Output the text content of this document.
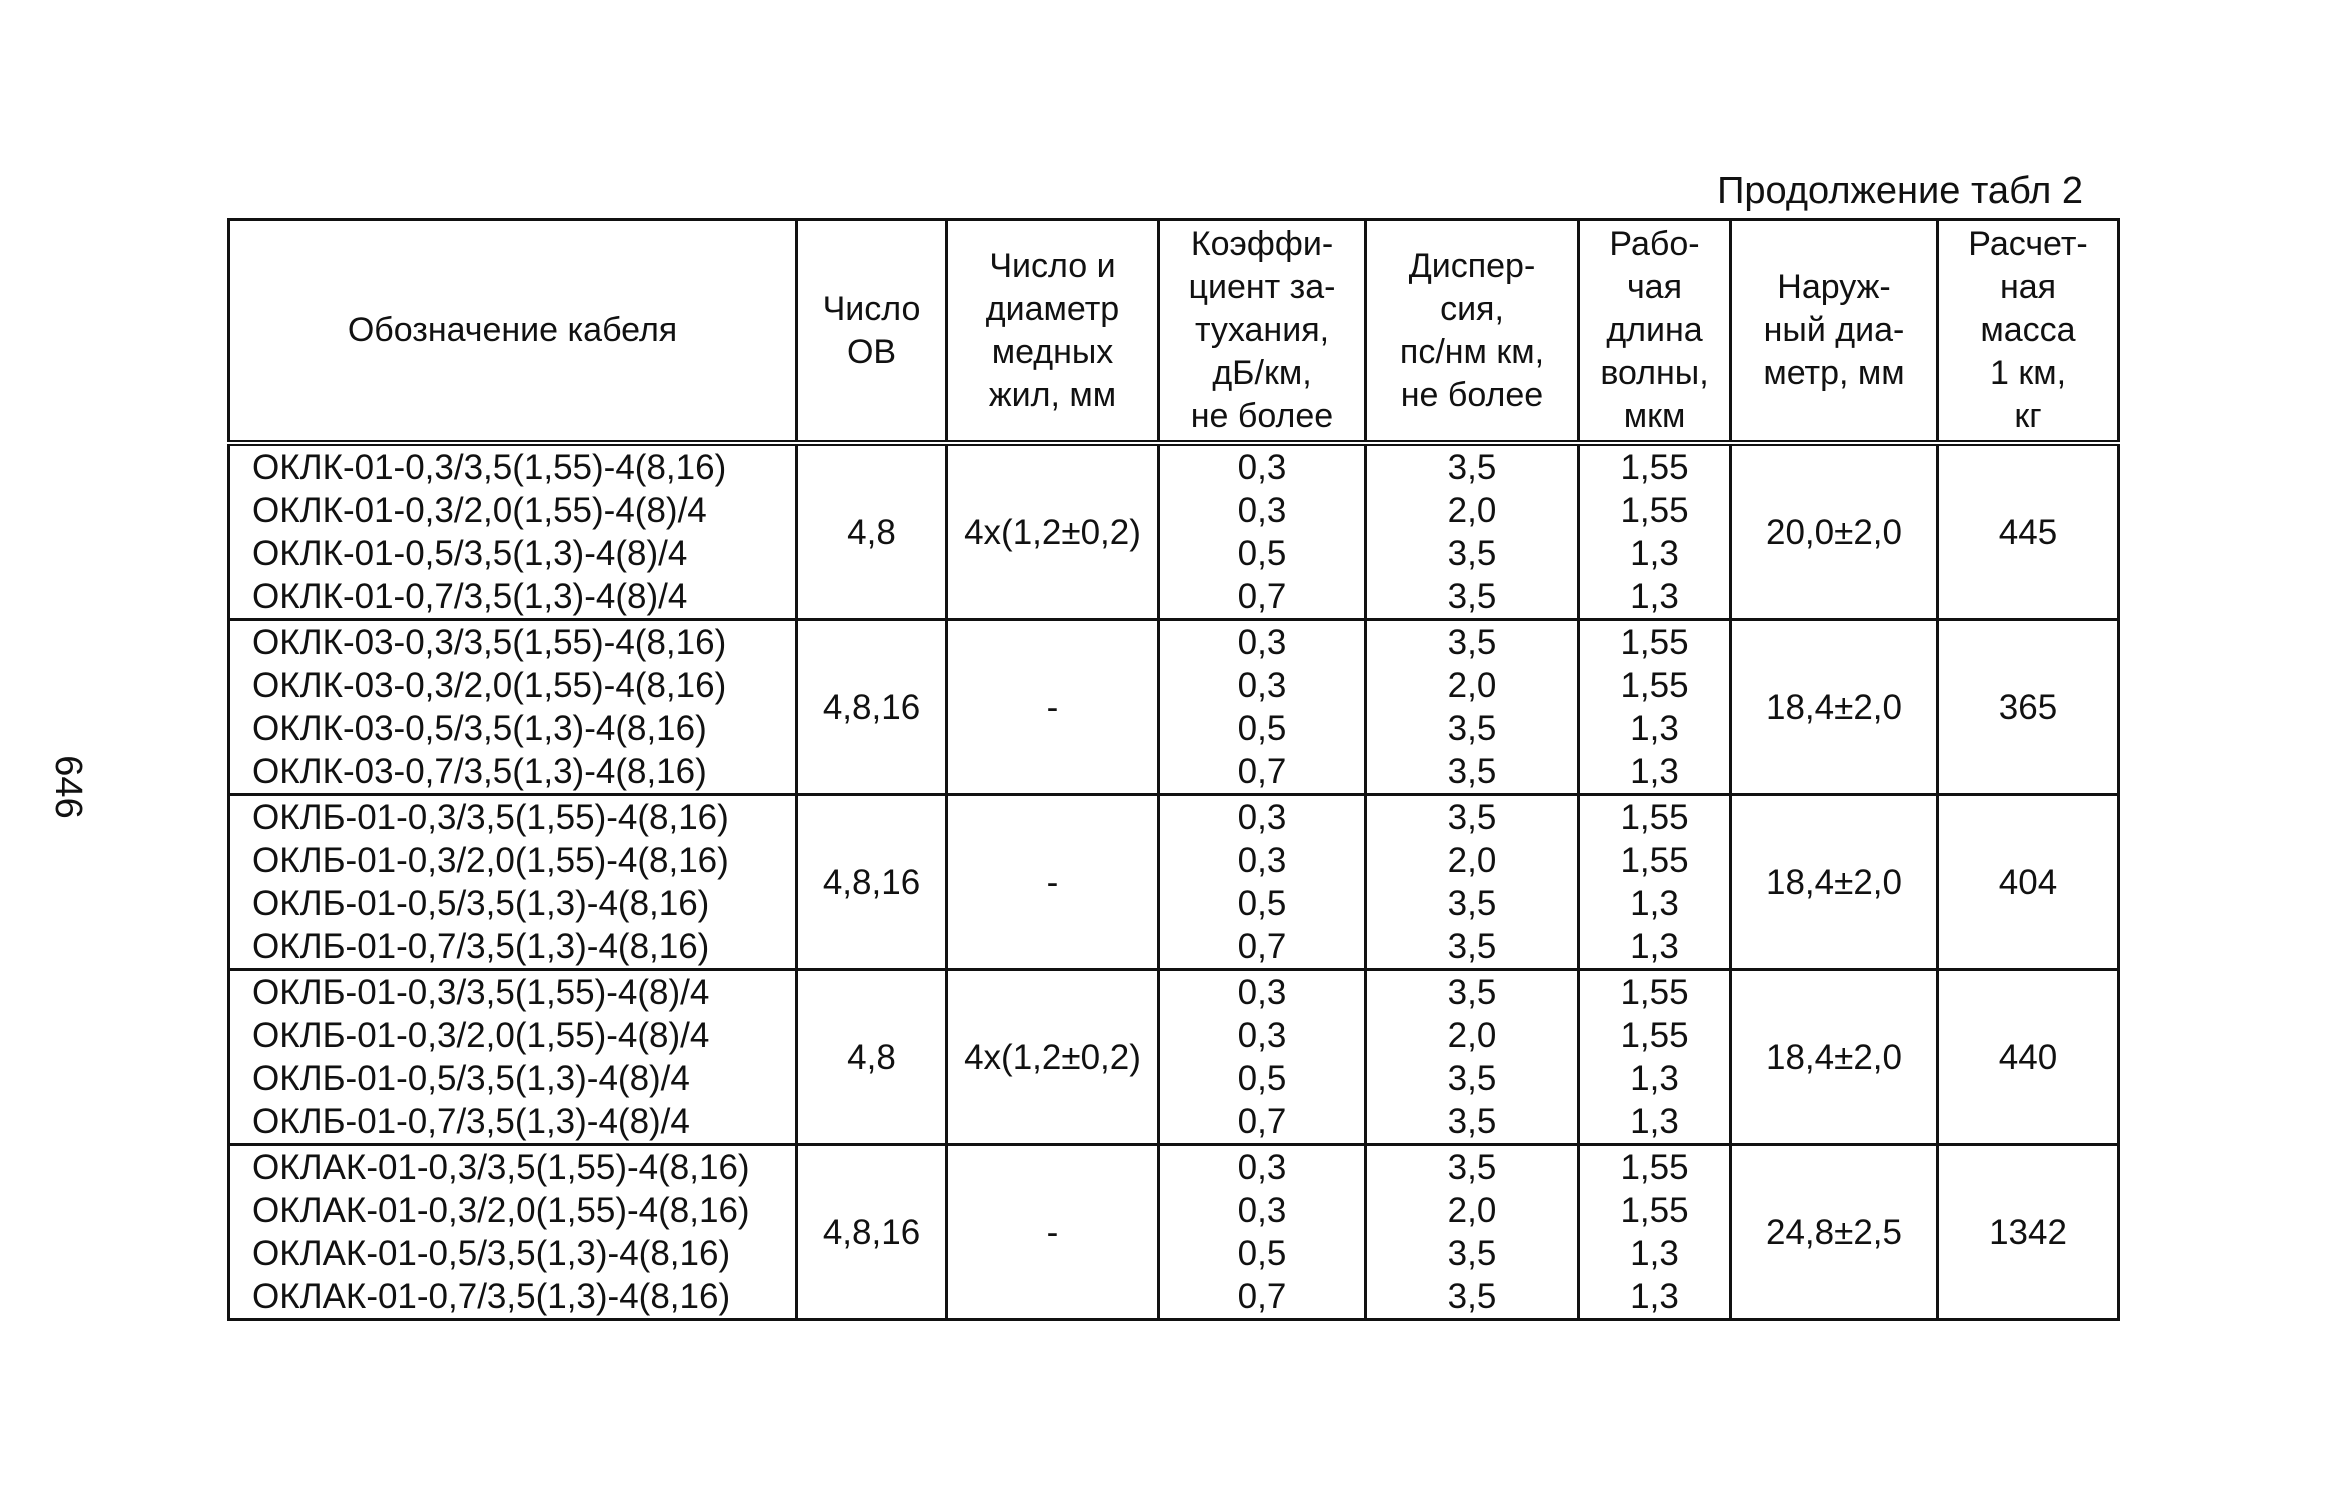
646
Продолжение табл 2
Обозначение кабеля	Число
ОВ	Число и
диаметр
медных
жил, мм	Коэффи-
циент за-
тухания,
дБ/км,
не более	Диспер-
сия,
пс/нм км,
не более	Рабо-
чая
длина
волны,
мкм	Наруж-
ный диа-
метр, мм	Расчет-
ная
масса
1 км,
кг

ОКЛК-01-0,3/3,5(1,55)-4(8,16)
ОКЛК-01-0,3/2,0(1,55)-4(8)/4
ОКЛК-01-0,5/3,5(1,3)-4(8)/4
ОКЛК-01-0,7/3,5(1,3)-4(8)/4	4,8	4х(1,2±0,2)	0,3
0,3
0,5
0,7	3,5
2,0
3,5
3,5	1,55
1,55
1,3
1,3	20,0±2,0	445

ОКЛК-03-0,3/3,5(1,55)-4(8,16)
ОКЛК-03-0,3/2,0(1,55)-4(8,16)
ОКЛК-03-0,5/3,5(1,3)-4(8,16)
ОКЛК-03-0,7/3,5(1,3)-4(8,16)	4,8,16	-	0,3
0,3
0,5
0,7	3,5
2,0
3,5
3,5	1,55
1,55
1,3
1,3	18,4±2,0	365

ОКЛБ-01-0,3/3,5(1,55)-4(8,16)
ОКЛБ-01-0,3/2,0(1,55)-4(8,16)
ОКЛБ-01-0,5/3,5(1,3)-4(8,16)
ОКЛБ-01-0,7/3,5(1,3)-4(8,16)	4,8,16	-	0,3
0,3
0,5
0,7	3,5
2,0
3,5
3,5	1,55
1,55
1,3
1,3	18,4±2,0	404

ОКЛБ-01-0,3/3,5(1,55)-4(8)/4
ОКЛБ-01-0,3/2,0(1,55)-4(8)/4
ОКЛБ-01-0,5/3,5(1,3)-4(8)/4
ОКЛБ-01-0,7/3,5(1,3)-4(8)/4	4,8	4х(1,2±0,2)	0,3
0,3
0,5
0,7	3,5
2,0
3,5
3,5	1,55
1,55
1,3
1,3	18,4±2,0	440

ОКЛАК-01-0,3/3,5(1,55)-4(8,16)
ОКЛАК-01-0,3/2,0(1,55)-4(8,16)
ОКЛАК-01-0,5/3,5(1,3)-4(8,16)
ОКЛАК-01-0,7/3,5(1,3)-4(8,16)	4,8,16	-	0,3
0,3
0,5
0,7	3,5
2,0
3,5
3,5	1,55
1,55
1,3
1,3	24,8±2,5	1342
